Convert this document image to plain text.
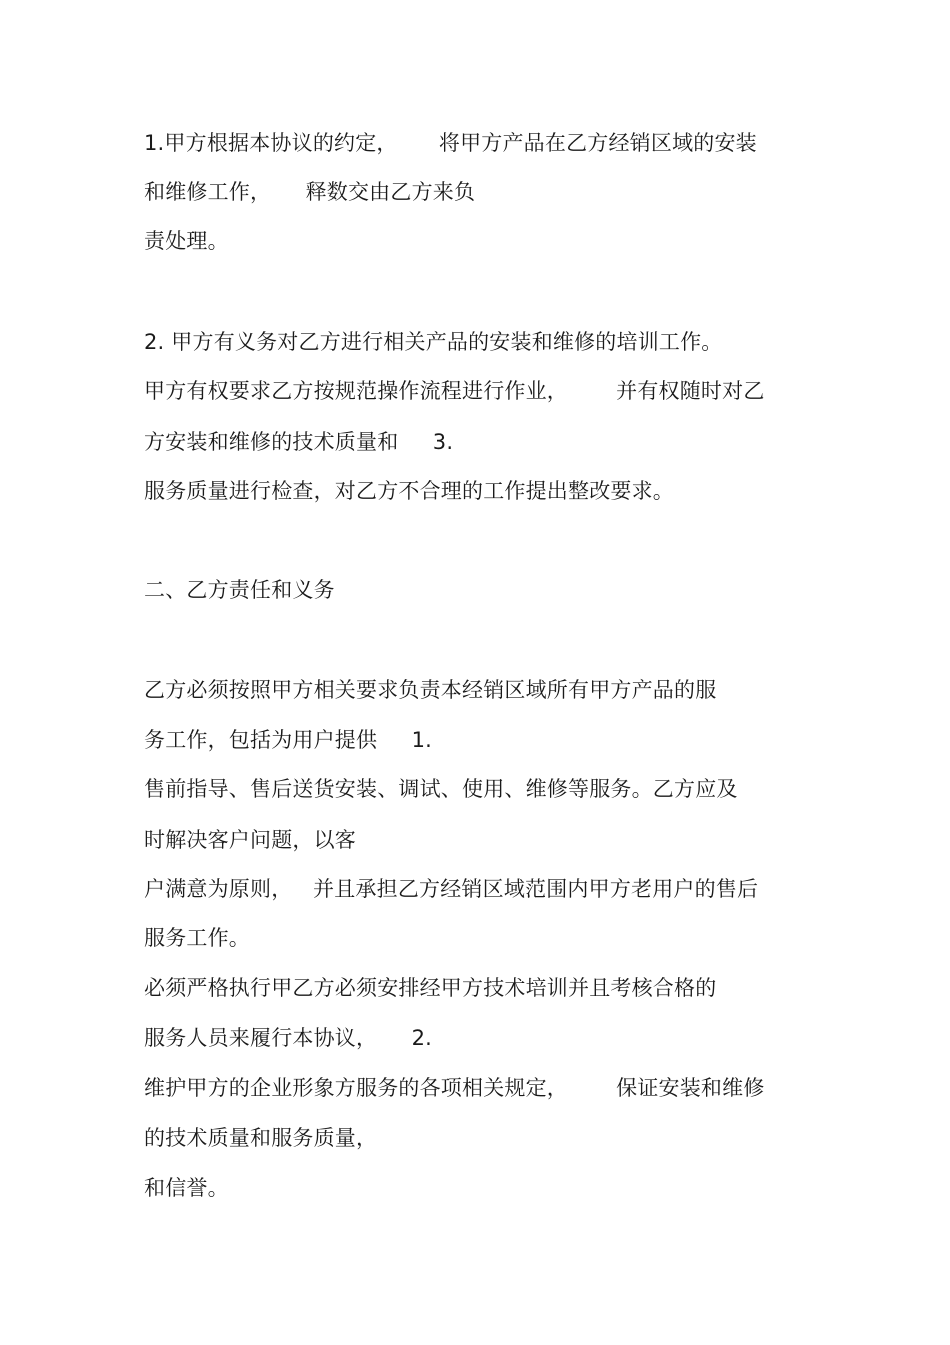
1.甲方根据本协议的约定，      将甲方产品在乙方经销区域的安装
和维修工作，     释数交由乙方来负
责处理。
2. 甲方有义务对乙方进行相关产品的安装和维修的培训工作。
甲方有权要求乙方按规范操作流程进行作业，       并有权随时对乙
方安装和维修的技术质量和     3.
服务质量进行检查，对乙方不合理的工作提出整改要求。
二、乙方责任和义务
乙方必须按照甲方相关要求负责本经销区域所有甲方产品的服
务工作，包括为用户提供     1.
售前指导、售后送货安装、调试、使用、维修等服务。乙方应及
时解决客户问题，以客
户满意为原则，   并且承担乙方经销区域范围内甲方老用户的售后
服务工作。
必须严格执行甲乙方必须安排经甲方技术培训并且考核合格的
服务人员来履行本协议，     2.
维护甲方的企业形象方服务的各项相关规定，       保证安装和维修
的技术质量和服务质量，
和信誉。
